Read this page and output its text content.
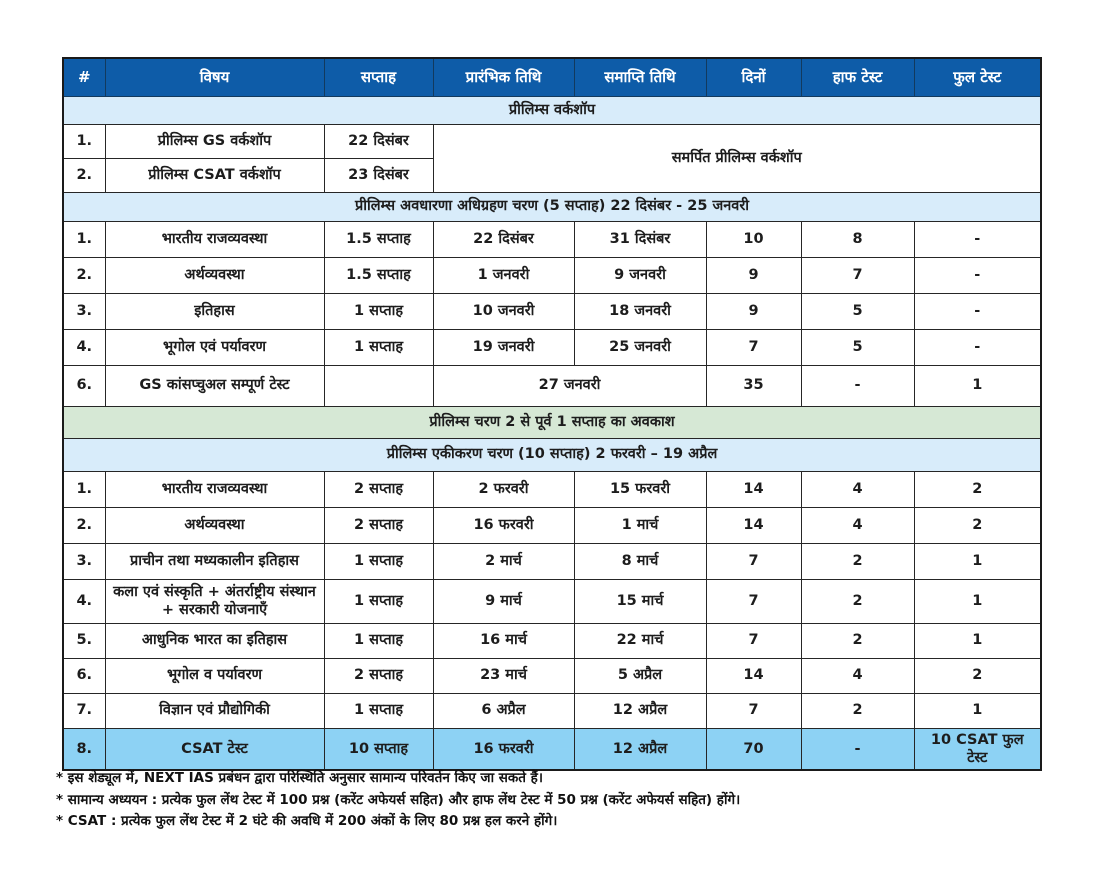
#	विषय	सप्ताह	प्रारंभिक तिथि	समाप्ति तिथि	दिनों	हाफ टेस्ट	फुल टेस्ट
प्रीलिम्स वर्कशॉप							
1.	प्रीलिम्स GS वर्कशॉप	22 दिसंबर	समर्पित प्रीलिम्स वर्कशॉप				
2.	प्रीलिम्स CSAT वर्कशॉप	23 दिसंबर					
प्रीलिम्स अवधारणा अधिग्रहण चरण (5 सप्ताह) 22 दिसंबर - 25 जनवरी							
1.	भारतीय राजव्यवस्था	1.5 सप्ताह	22 दिसंबर	31 दिसंबर	10	8	-
2.	अर्थव्यवस्था	1.5 सप्ताह	1 जनवरी	9 जनवरी	9	7	-
3.	इतिहास	1 सप्ताह	10 जनवरी	18 जनवरी	9	5	-
4.	भूगोल एवं पर्यावरण	1 सप्ताह	19 जनवरी	25 जनवरी	7	5	-
6.	GS कांसप्चुअल सम्पूर्ण टेस्ट		27 जनवरी		35	-	1
प्रीलिम्स चरण 2 से पूर्व 1 सप्ताह का अवकाश							
प्रीलिम्स एकीकरण चरण (10 सप्ताह) 2 फरवरी – 19 अप्रैल							
1.	भारतीय राजव्यवस्था	2 सप्ताह	2 फरवरी	15 फरवरी	14	4	2
2.	अर्थव्यवस्था	2 सप्ताह	16 फरवरी	1 मार्च	14	4	2
3.	प्राचीन तथा मध्यकालीन इतिहास	1 सप्ताह	2 मार्च	8 मार्च	7	2	1
4.	कला एवं संस्कृति + अंतर्राष्ट्रीय संस्थान + सरकारी योजनाएँ	1 सप्ताह	9 मार्च	15 मार्च	7	2	1
5.	आधुनिक भारत का इतिहास	1 सप्ताह	16 मार्च	22 मार्च	7	2	1
6.	भूगोल व पर्यावरण	2 सप्ताह	23 मार्च	5 अप्रैल	14	4	2
7.	विज्ञान एवं प्रौद्योगिकी	1 सप्ताह	6 अप्रैल	12 अप्रैल	7	2	1
8.	CSAT टेस्ट	10 सप्ताह	16 फरवरी	12 अप्रैल	70	-	10 CSAT फुल टेस्ट

* इस शेड्यूल में, NEXT IAS प्रबंधन द्वारा परिस्थिति अनुसार सामान्य परिवर्तन किए जा सकते हैं।

* सामान्य अध्ययन : प्रत्येक फुल लेंथ टेस्ट में 100 प्रश्न (करेंट अफेयर्स सहित) और हाफ लेंथ टेस्ट में 50 प्रश्न (करेंट अफेयर्स सहित) होंगे।

* CSAT : प्रत्येक फुल लेंथ टेस्ट में 2 घंटे की अवधि में 200 अंकों के लिए 80 प्रश्न हल करने होंगे।
